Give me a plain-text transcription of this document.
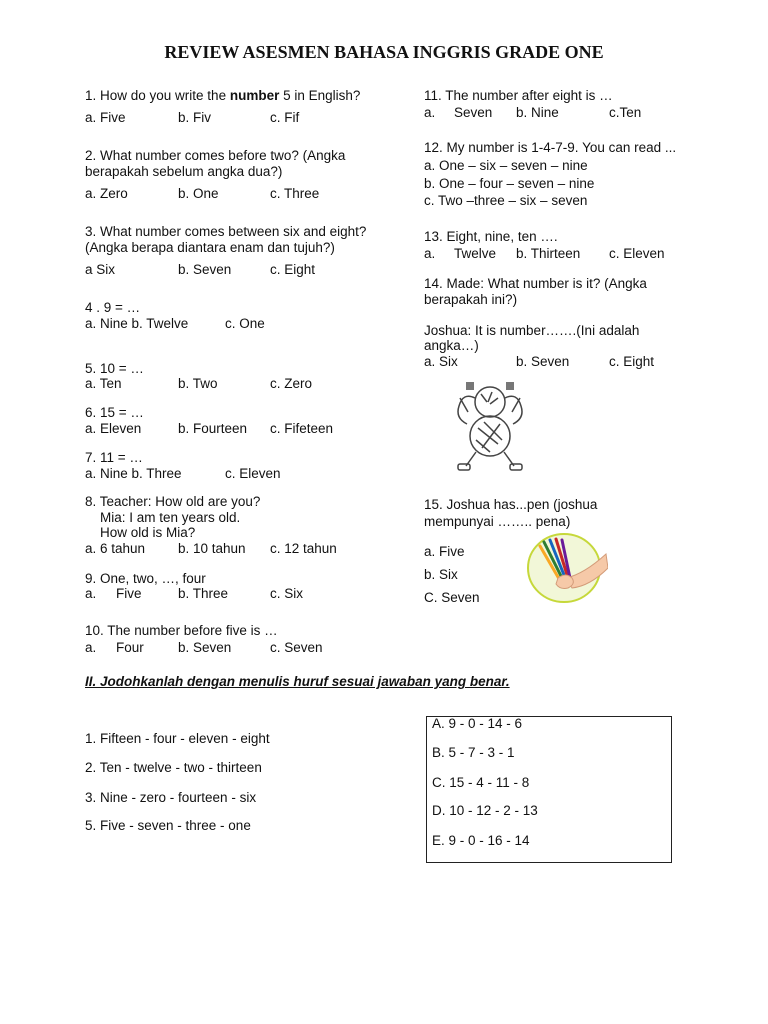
REVIEW ASESMEN BAHASA INGGRIS GRADE ONE
1. How do you write the number 5 in English?
a. Five	b. Fiv	c. Fif
2. What number comes before two? (Angka
berapakah sebelum angka dua?)
a. Zero	b. One	c. Three
3. What number comes between six and eight?
(Angka berapa diantara enam dan tujuh?)
a Six	b. Seven	c. Eight
4 . 9 = …
a. Nine b. Twelve	c. One
5. 10 = …
a. Ten	b. Two	c. Zero
6. 15 = …
a. Eleven	b. Fourteen c. Fifeteen
7. 11 = …
a. Nine b. Three	c. Eleven
8. Teacher: How old are you?
Mia: I am ten years old.
How old is Mia?
a. 6 tahun b. 10 tahun c. 12 tahun
9. One, two, …, four
a. Five	b. Three	c. Six
10. The number before five is …
a. Four	b. Seven	c. Seven
11. The number after eight is …
a. Seven b. Nine	c.Ten
12. My number is 1-4-7-9. You can read ...
a. One – six – seven – nine
b. One – four – seven – nine
c. Two –three – six – seven
13. Eight, nine, ten ….
a. Twelve b. Thirteen c. Eleven
14. Made: What number is it? (Angka
berapakah ini?)
Joshua: It is number…….(Ini adalah
angka…)
a. Six	b. Seven	c. Eight
15. Joshua has...pen (joshua
mempunyai …….. pena)
a. Five
b. Six
C. Seven
II. Jodohkanlah dengan menulis huruf sesuai jawaban yang benar.
1. Fifteen - four - eleven - eight
2. Ten - twelve - two - thirteen
3. Nine - zero - fourteen - six
5. Five - seven - three - one
A. 9 - 0 - 14 - 6
B. 5 - 7 - 3 - 1
C. 15 - 4 - 11 - 8
D. 10 - 12 - 2 - 13
E. 9 - 0 - 16 - 14
